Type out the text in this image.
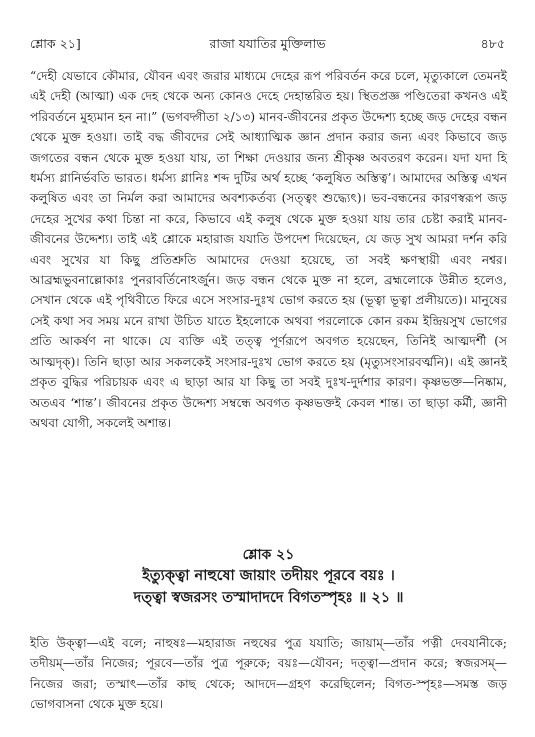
শ্লোক ২১]	রাজা যযাতির মুক্তিলাভ	৪৮৫

“দেহী যেভাবে কৌমার, যৌবন এবং জরার মাধ্যমে দেহের রূপ পরিবর্তন করে চলে, মৃত্যুকালে তেমনই এই দেহী (আত্মা) এক দেহ থেকে অন্য কোনও দেহে দেহান্তরিত হয়। স্থিতপ্রজ্ঞ পণ্ডিতেরা কখনও এই পরিবর্তনে মুহ্যমান হন না।” (ভগবদ্গীতা ২/১৩) মানব-জীবনের প্রকৃত উদ্দেশ্য হচ্ছে জড় দেহের বন্ধন থেকে মুক্ত হওয়া। তাই বদ্ধ জীবদের সেই আধ্যাত্মিক জ্ঞান প্রদান করার জন্য এবং কিভাবে জড় জগতের বন্ধন থেকে মুক্ত হওয়া যায়, তা শিক্ষা দেওয়ার জন্য শ্রীকৃষ্ণ অবতরণ করেন। যদা যদা হি ধর্মস্য গ্লানির্ভবতি ভারত। ধর্মস্য গ্লানিঃ শব্দ দুটির অর্থ হচ্ছে ‘কলুষিত অস্তিত্ব’। আমাদের অস্তিত্ব এখন কলুষিত এবং তা নির্মল করা আমাদের অবশ্যকর্তব্য (সত্ত্বং শুদ্ধ্যেৎ)। ভব-বন্ধনের কারণস্বরূপ জড় দেহের সুখের কথা চিন্তা না করে, কিভাবে এই কলুষ থেকে মুক্ত হওয়া যায় তার চেষ্টা করাই মানব-জীবনের উদ্দেশ্য। তাই এই শ্লোকে মহারাজ যযাতি উপদেশ দিয়েছেন, যে জড় সুখ আমরা দর্শন করি এবং সুখের যা কিছু প্রতিশ্রুতি আমাদের দেওয়া হয়েছে, তা সবই ক্ষণস্থায়ী এবং নশ্বর। আব্রহ্মভুবনাল্লোকাঃ পুনরাবর্তিনোঽর্জুন। জড় বন্ধন থেকে মুক্ত না হলে, ব্রহ্মলোকে উন্নীত হলেও, সেখান থেকে এই পৃথিবীতে ফিরে এসে সংসার-দুঃখ ভোগ করতে হয় (ভূত্বা ভূত্বা প্রলীয়তে)। মানুষের সেই কথা সব সময় মনে রাখা উচিত যাতে ইহলোকে অথবা পরলোকে কোন রকম ইন্দ্রিয়সুখ ভোগের প্রতি আকর্ষণ না থাকে। যে ব্যক্তি এই তত্ত্ব পূর্ণরূপে অবগত হয়েছেন, তিনিই আত্মদর্শী (স আত্মদৃক্)। তিনি ছাড়া আর সকলকেই সংসার-দুঃখ ভোগ করতে হয় (মৃত্যুসংসারবর্ত্মনি)। এই জ্ঞানই প্রকৃত বুদ্ধির পরিচায়ক এবং এ ছাড়া আর যা কিছু তা সবই দুঃখ-দুর্দশার কারণ। কৃষ্ণভক্ত—নিষ্কাম, অতএব ‘শান্ত’। জীবনের প্রকৃত উদ্দেশ্য সম্বন্ধে অবগত কৃষ্ণভক্তই কেবল শান্ত। তা ছাড়া কর্মী, জ্ঞানী অথবা যোগী, সকলেই অশান্ত।

শ্লোক ২১
ইত্যুক্ত্বা নাহুষো জায়াং তদীয়ং পূরবে বয়ঃ ।
দত্ত্বা স্বজরসং তস্মাদাদদে বিগতস্পৃহঃ ॥ ২১ ॥

ইতি উক্ত্বা—এই বলে; নাহুষঃ—মহারাজ নহুষের পুত্র যযাতি; জায়াম্—তাঁর পত্নী দেবযানীকে; তদীয়ম্—তাঁর নিজের; পূরবে—তাঁর পুত্র পূরুকে; বয়ঃ—যৌবন; দত্ত্বা—প্রদান করে; স্বজরসম্—নিজের জরা; তস্মাৎ—তাঁর কাছ থেকে; আদদে—গ্রহণ করেছিলেন; বিগত-স্পৃহঃ—সমস্ত জড় ভোগবাসনা থেকে মুক্ত হয়ে।
